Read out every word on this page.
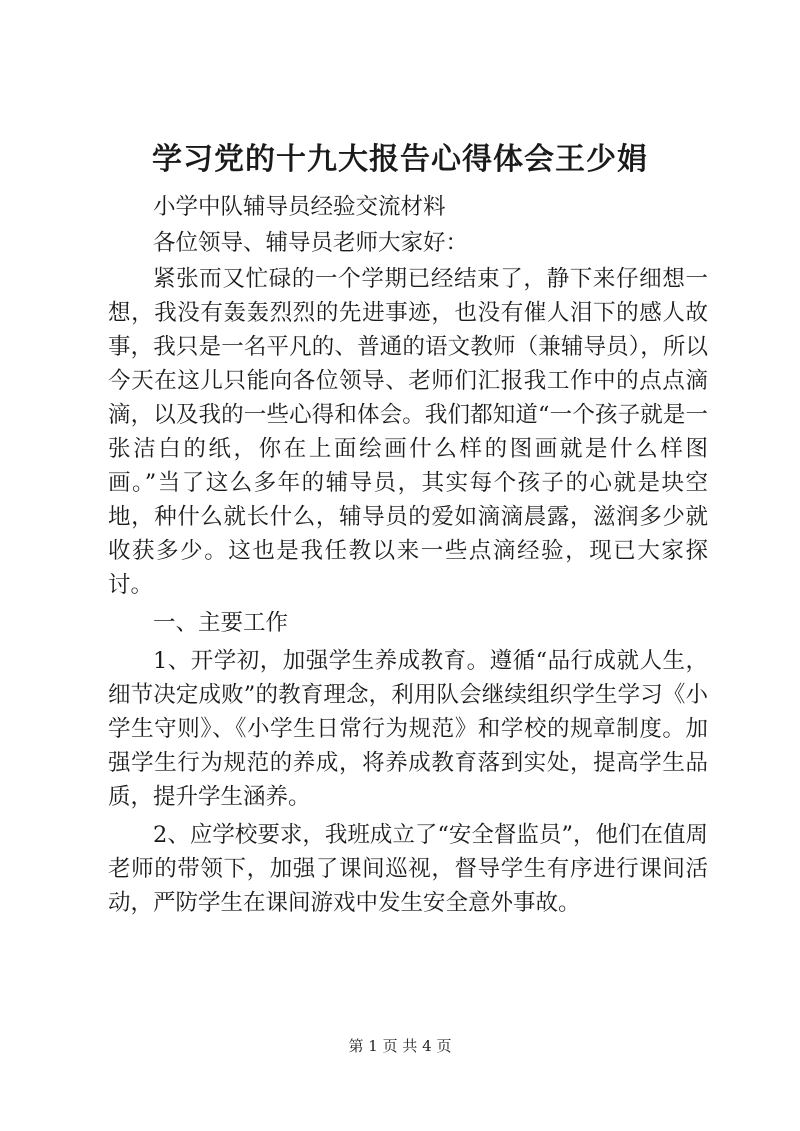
学习党的十九大报告心得体会王少娟

小学中队辅导员经验交流材料

各位领导、辅导员老师大家好：

紧张而又忙碌的一个学期已经结束了，静下来仔细想一想，我没有轰轰烈烈的先进事迹，也没有催人泪下的感人故事，我只是一名平凡的、普通的语文教师（兼辅导员），所以今天在这儿只能向各位领导、老师们汇报我工作中的点点滴滴，以及我的一些心得和体会。我们都知道“一个孩子就是一张洁白的纸，你在上面绘画什么样的图画就是什么样图画。”当了这么多年的辅导员，其实每个孩子的心就是块空地，种什么就长什么，辅导员的爱如滴滴晨露，滋润多少就收获多少。这也是我任教以来一些点滴经验，现已大家探讨。

一、主要工作

1、开学初，加强学生养成教育。遵循“品行成就人生，细节决定成败”的教育理念，利用队会继续组织学生学习《小学生守则》、《小学生日常行为规范》和学校的规章制度。加强学生行为规范的养成，将养成教育落到实处，提高学生品质，提升学生涵养。

2、应学校要求，我班成立了“安全督监员”，他们在值周老师的带领下，加强了课间巡视，督导学生有序进行课间活动，严防学生在课间游戏中发生安全意外事故。

第 1 页 共 4 页
